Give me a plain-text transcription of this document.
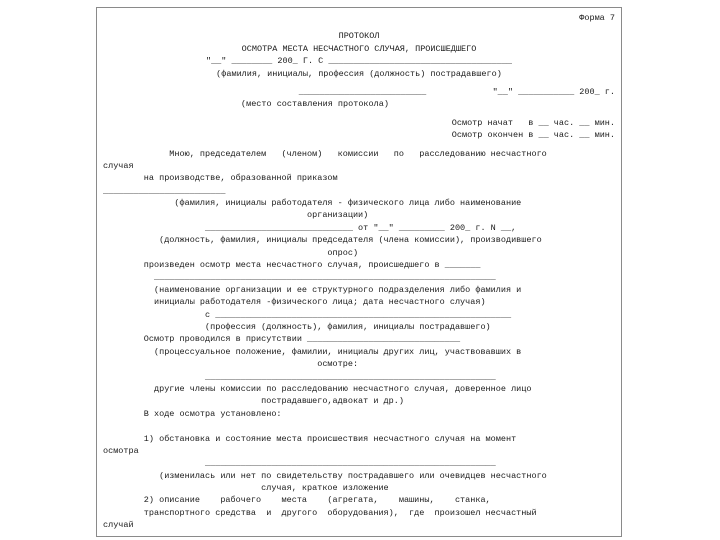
Форма 7
ПРОТОКОЛ
ОСМОТРА МЕСТА НЕСЧАСТНОГО СЛУЧАЯ, ПРОИСШЕДШЕГО
"__" ________ 200_ Г. С ____________________________________
(фамилия, инициалы, профессия (должность) пострадавшего)
_________________________             "__" ___________ 200_ г.
(место составления протокола)
Осмотр начат   в __ час. __ мин.
Осмотр окончен в __ час. __ мин.
Мною, председателем   (членом)   комиссии   по   расследованию несчастного
случая
на производстве, образованной приказом
________________________
(фамилия, инициалы работодателя - физического лица либо наименование
организации)
_____________________________ от "__" _________ 200_ г. N __,
(должность, фамилия, инициалы председателя (члена комиссии), производившего
опрос)
произведен осмотр места несчастного случая, происшедшего в _______
___________________________________________________________________
(наименование организации и ее структурного подразделения либо фамилия и
инициалы работодателя -физического лица; дата несчастного случая)
с __________________________________________________________
(профессия (должность), фамилия, инициалы пострадавшего)
Осмотр проводился в присутствии ______________________________
(процессуальное положение, фамилии, инициалы других лиц, участвовавших в
осмотре:
_________________________________________________________
другие члены комиссии по расследованию несчастного случая, доверенное лицо
пострадавшего,адвокат и др.)
В ходе осмотра установлено:
1) обстановка и состояние места происшествия несчастного случая на момент
осмотра
_________________________________________________________
(изменилась или нет по свидетельству пострадавшего или очевидцев несчастного
случая, краткое изложение
2) описание    рабочего    места    (агрегата,    машины,    станка,
транспортного средства  и  другого  оборудования),  где  произошел несчастный
случай
